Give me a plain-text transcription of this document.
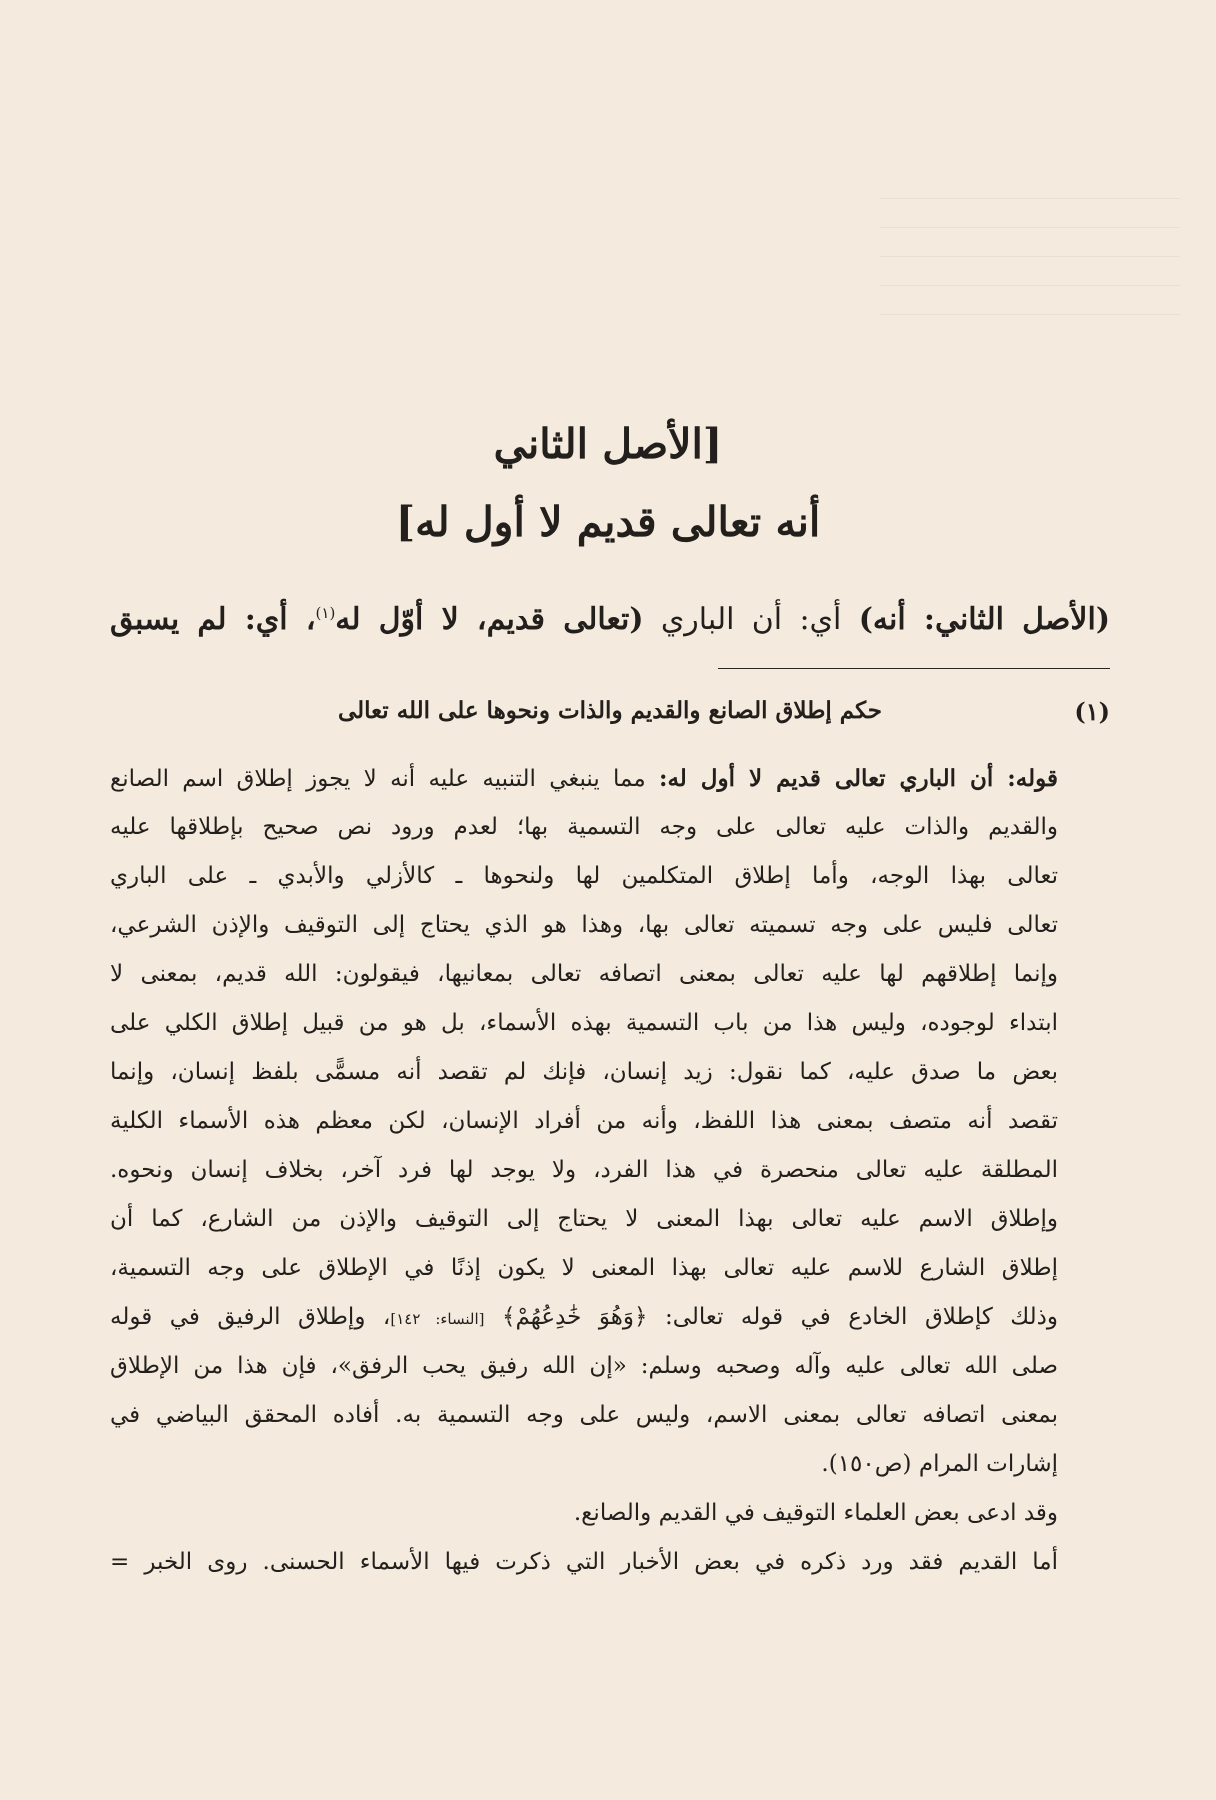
[الأصل الثاني
أنه تعالى قديم لا أول له]
(الأصل الثاني: أنه) أي: أن الباري (تعالى قديم، لا أوّل له$^{(١)}$، أي: لم يسبق
(١)
حكم إطلاق الصانع والقديم والذات ونحوها على الله تعالى
قوله: أن الباري تعالى قديم لا أول له: مما ينبغي التنبيه عليه أنه لا يجوز إطلاق اسم الصانع
والقديم والذات عليه تعالى على وجه التسمية بها؛ لعدم ورود نص صحيح بإطلاقها عليه
تعالى بهذا الوجه، وأما إطلاق المتكلمين لها ولنحوها ـ كالأزلي والأبدي ـ على الباري
تعالى فليس على وجه تسميته تعالى بها، وهذا هو الذي يحتاج إلى التوقيف والإذن الشرعي،
وإنما إطلاقهم لها عليه تعالى بمعنى اتصافه تعالى بمعانيها، فيقولون: الله قديم، بمعنى لا
ابتداء لوجوده، وليس هذا من باب التسمية بهذه الأسماء، بل هو من قبيل إطلاق الكلي على
بعض ما صدق عليه، كما نقول: زيد إنسان، فإنك لم تقصد أنه مسمًّى بلفظ إنسان، وإنما
تقصد أنه متصف بمعنى هذا اللفظ، وأنه من أفراد الإنسان، لكن معظم هذه الأسماء الكلية
المطلقة عليه تعالى منحصرة في هذا الفرد، ولا يوجد لها فرد آخر، بخلاف إنسان ونحوه.
وإطلاق الاسم عليه تعالى بهذا المعنى لا يحتاج إلى التوقيف والإذن من الشارع، كما أن
إطلاق الشارع للاسم عليه تعالى بهذا المعنى لا يكون إذنًا في الإطلاق على وجه التسمية،
وذلك كإطلاق الخادع في قوله تعالى: ﴿وَهُوَ خَٰدِعُهُمْ﴾ [النساء: ١٤٢]، وإطلاق الرفيق في قوله
صلى الله تعالى عليه وآله وصحبه وسلم: «إن الله رفيق يحب الرفق»، فإن هذا من الإطلاق
بمعنى اتصافه تعالى بمعنى الاسم، وليس على وجه التسمية به. أفاده المحقق البياضي في
إشارات المرام (ص١٥٠).
وقد ادعى بعض العلماء التوقيف في القديم والصانع.
أما القديم فقد ورد ذكره في بعض الأخبار التي ذكرت فيها الأسماء الحسنى. روى الخبر =
